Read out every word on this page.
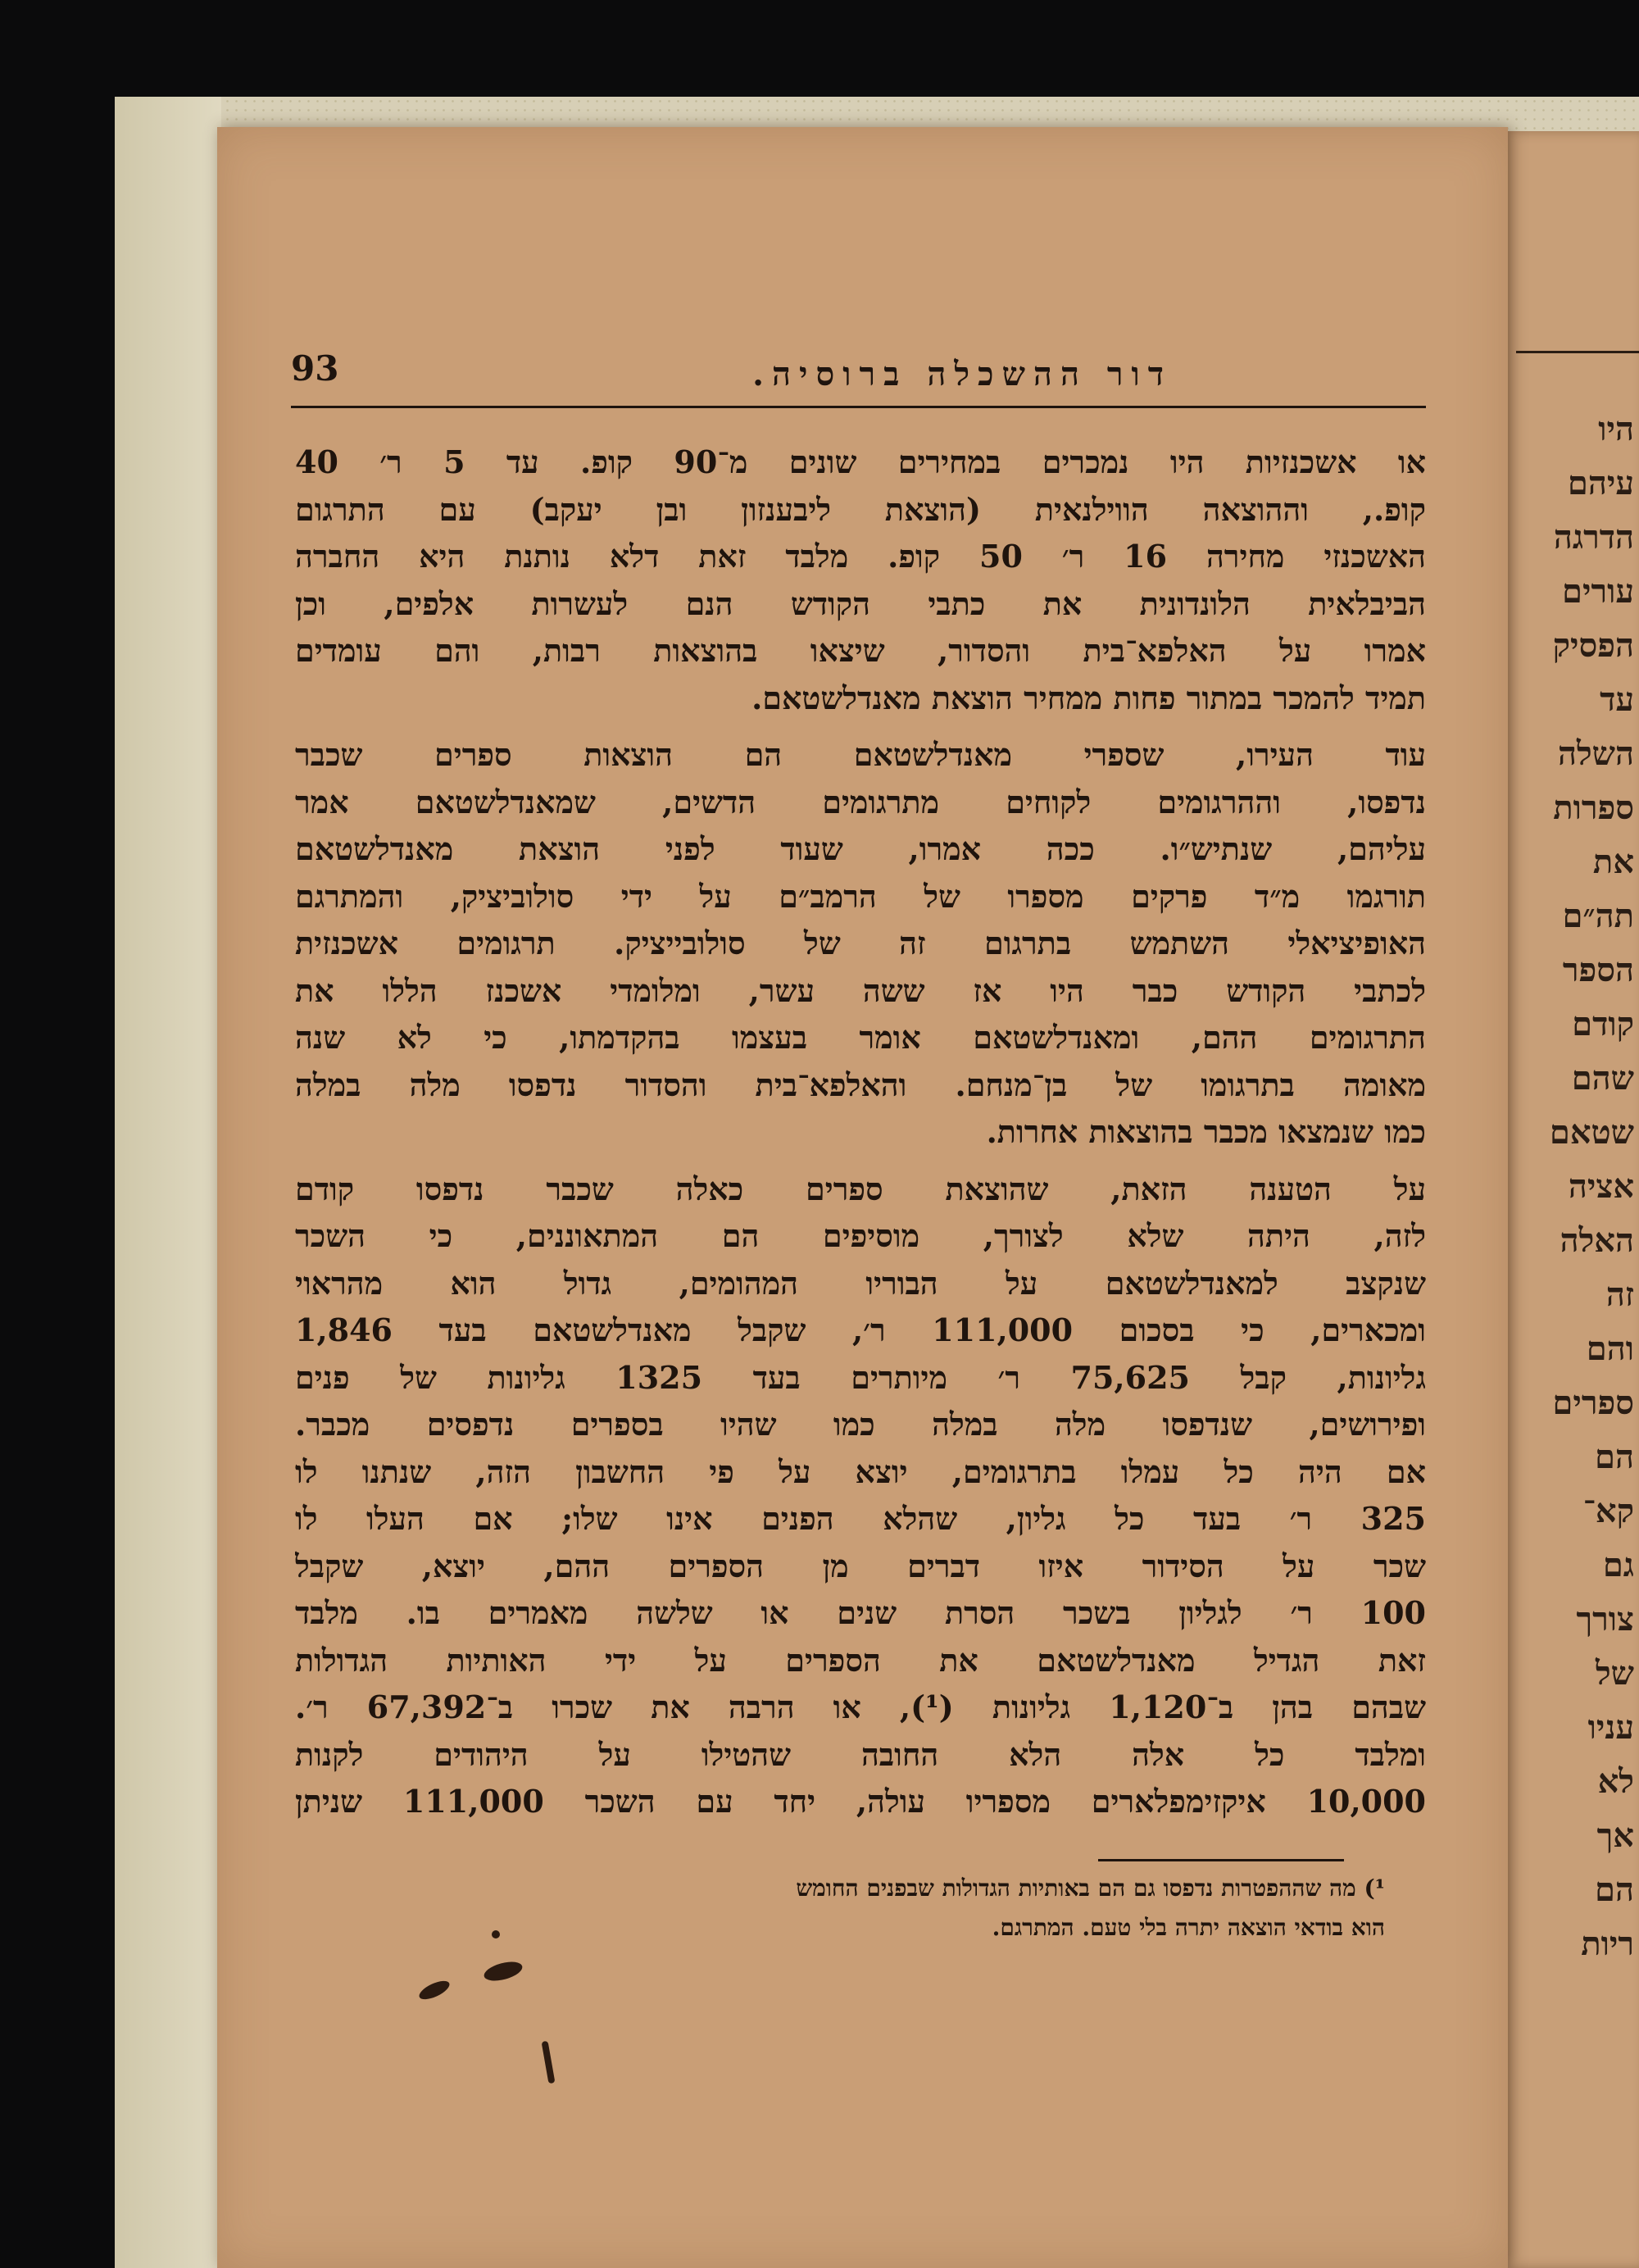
היו
עיהם
הדרגה
עורים
הפסיק
עד
השלה
ספרות
את
תה״ם
הספר
קודם
שהם
שטאם
אציה
האלה
זה
והם
ספרים
הם
קא־
גם
צורך
של
עניו
לא
אך
הם
ריות
93	דור ההשכלה ברוסיה.
או אשכנזיות היו נמכרים במחירים שונים מ־90 קופ. עד 5 ר׳ 40
קופ., וההוצאה הווילנאית (הוצאת ליבענזון ובן יעקב) עם התרגום
האשכנזי מחירה 16 ר׳ 50 קופ. מלבד זאת דלא נותנת היא החברה
הביבלאית הלונדונית את כתבי הקודש הנם לעשרות אלפים, וכן
אמרו על האלפא־בית והסדור, שיצאו בהוצאות רבות, והם עומדים
תמיד להמכר במתור פחות ממחיר הוצאת מאנדלשטאם.
עוד העירו, שספרי מאנדלשטאם הם הוצאות ספרים שכבר
נדפסו, וההרגומים לקוחים מתרגומים הדשים, שמאנדלשטאם אמר
עליהם, שנתיש״ו. ככה אמרו, שעוד לפני הוצאת מאנדלשטאם
תורגמו מ״ד פרקים מספרו של הרמב״ם על ידי סולוביציק, והמתרגם
האופיציאלי השתמש בתרגום זה של סולובייציק. תרגומים אשכנזית
לכתבי הקודש כבר היו אז ששה עשר, ומלומדי אשכנז הללו את
התרגומים ההם, ומאנדלשטאם אומר בעצמו בהקדמתו, כי לא שנה
מאומה בתרגומו של בן־מנחם. והאלפא־בית והסדור נדפסו מלה במלה
כמו שנמצאו מכבר בהוצאות אחרות.
על הטענה הזאת, שהוצאת ספרים כאלה שכבר נדפסו קודם
לזה, היתה שלא לצורך, מוסיפים הם המתאוננים, כי השכר
שנקצב למאנדלשטאם על הבוריו המהומים, גדול הוא מהראוי
ומכארים, כי בסכום 111,000 ר׳, שקבל מאנדלשטאם בעד 1,846
גליונות, קבל 75,625 ר׳ מיותרים בעד 1325 גליונות של פנים
ופירושים, שנדפסו מלה במלה כמו שהיו בספרים נדפסים מכבר.
אם היה כל עמלו בתרגומים, יוצא על פי החשבון הזה, שנתנו לו
325 ר׳ בעד כל גליון, שהלא הפנים אינו שלו; אם העלו לו
שכר על הסידור איזו דברים מן הספרים ההם, יוצא, שקבל
100 ר׳ לגליון בשכר הסרת שנים או שלשה מאמרים בו. מלבד
זאת הגדיל מאנדלשטאם את הספרים על ידי האותיות הגדולות
שבהם בהן ב־1,120 גליונות (¹), או הרבה את שכרו ב־67,392 ר׳.
ומלבד כל אלה הלא החובה שהטילו על היהודים לקנות
10,000 איקזימפלארים מספריו עולה, יחד עם השכר 111,000 שניתן
¹) מה שההפטרות נדפסו גם הם באותיות הגדולות שבפנים החומש
הוא בודאי הוצאה יתרה בלי טעם. המתרגם.
